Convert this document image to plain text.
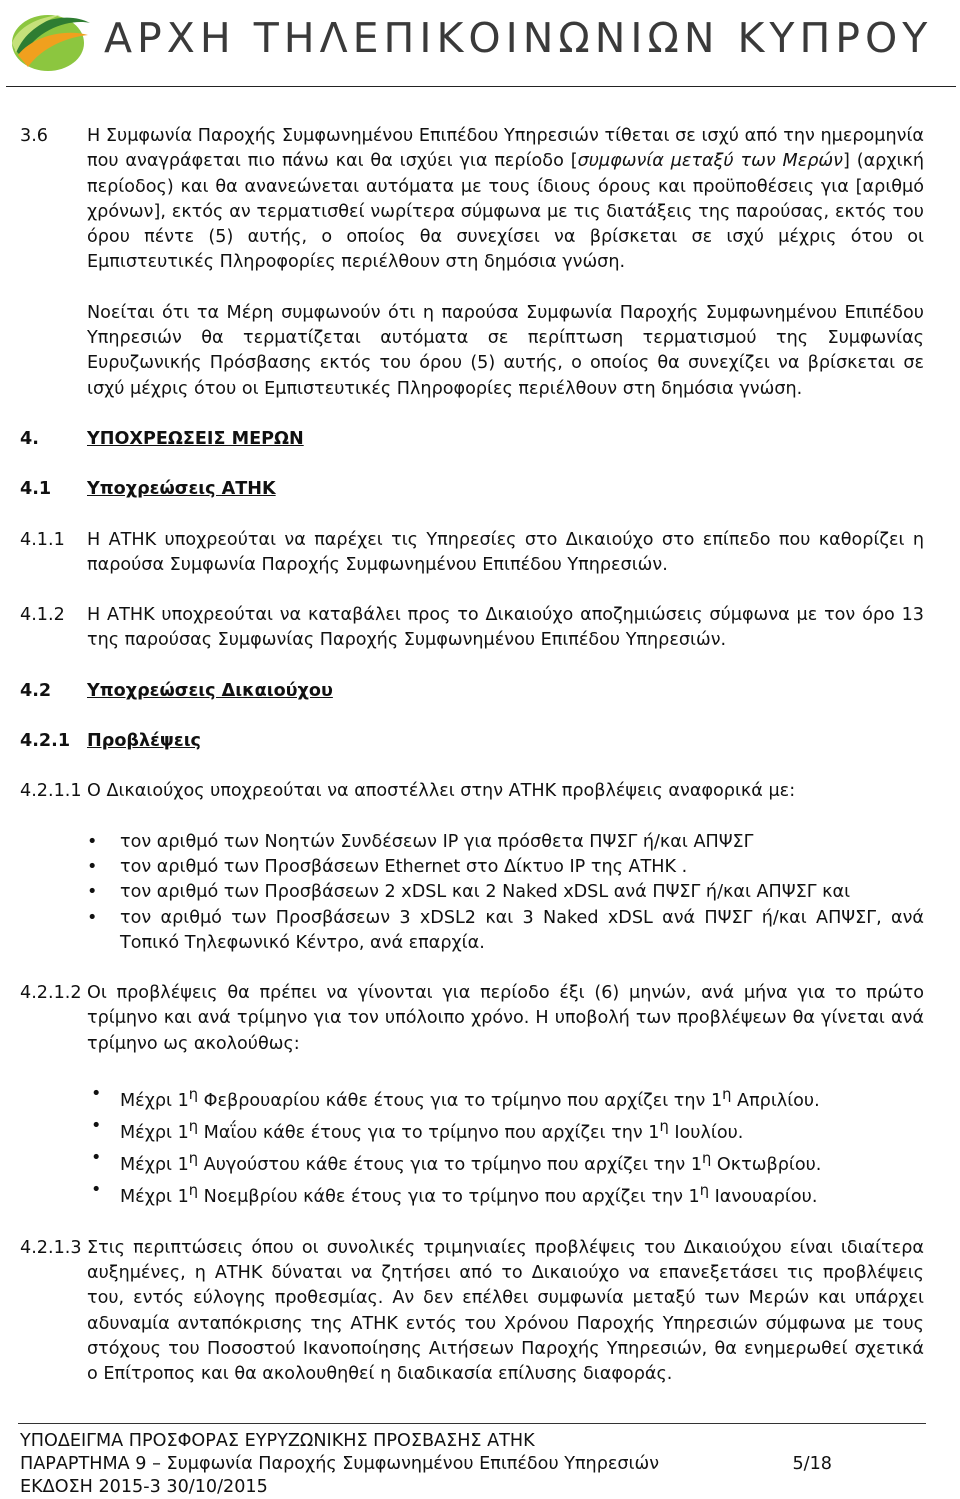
ΑΡΧΗ ΤΗΛΕΠΙΚΟΙΝΩΝΙΩΝ ΚΥΠΡΟΥ
3.6	Η Συμφωνία Παροχής Συμφωνημένου Επιπέδου Υπηρεσιών τίθεται σε ισχύ από την ημερομηνία που αναγράφεται πιο πάνω και θα ισχύει για περίοδο [συμφωνία μεταξύ των Μερών] (αρχική περίοδος) και θα ανανεώνεται αυτόματα με τους ίδιους όρους και προϋποθέσεις για [αριθμό χρόνων], εκτός αν τερματισθεί νωρίτερα σύμφωνα με τις διατάξεις της παρούσας, εκτός του όρου πέντε (5) αυτής, ο οποίος θα συνεχίσει να βρίσκεται σε ισχύ μέχρις ότου οι Εμπιστευτικές Πληροφορίες περιέλθουν στη δημόσια γνώση.
Νοείται ότι τα Μέρη συμφωνούν ότι η παρούσα Συμφωνία Παροχής Συμφωνημένου Επιπέδου Υπηρεσιών θα τερματίζεται αυτόματα σε περίπτωση τερματισμού της Συμφωνίας Ευρυζωνικής Πρόσβασης εκτός του όρου (5) αυτής, ο οποίος θα συνεχίζει να βρίσκεται σε ισχύ μέχρις ότου οι Εμπιστευτικές Πληροφορίες περιέλθουν στη δημόσια γνώση.
4.	ΥΠΟΧΡΕΩΣΕΙΣ ΜΕΡΩΝ
4.1	Υποχρεώσεις ΑΤΗΚ
4.1.1	Η ΑΤΗΚ υποχρεούται να παρέχει τις Υπηρεσίες στο Δικαιούχο στο επίπεδο που καθορίζει η παρούσα Συμφωνία Παροχής Συμφωνημένου Επιπέδου Υπηρεσιών.
4.1.2	Η ΑΤΗΚ υποχρεούται να καταβάλει προς το Δικαιούχο αποζημιώσεις σύμφωνα με τον όρο 13 της παρούσας Συμφωνίας Παροχής Συμφωνημένου Επιπέδου Υπηρεσιών.
4.2	Υποχρεώσεις Δικαιούχου
4.2.1 Προβλέψεις
4.2.1.1 Ο Δικαιούχος υποχρεούται να αποστέλλει στην ΑΤΗΚ προβλέψεις αναφορικά με:
• τον αριθμό των Νοητών Συνδέσεων IP για πρόσθετα ΠΨΣΓ ή/και ΑΠΨΣΓ
• τον αριθμό των Προσβάσεων Ethernet στο Δίκτυο IP της ΑΤΗΚ .
• τον αριθμό των Προσβάσεων 2 xDSL και 2 Naked xDSL ανά ΠΨΣΓ ή/και ΑΠΨΣΓ και
• τον αριθμό των Προσβάσεων 3 xDSL2 και 3 Naked xDSL ανά ΠΨΣΓ ή/και ΑΠΨΣΓ, ανά Τοπικό Τηλεφωνικό Κέντρο, ανά επαρχία.
4.2.1.2 Οι προβλέψεις θα πρέπει να γίνονται για περίοδο έξι (6) μηνών, ανά μήνα για το πρώτο τρίμηνο και ανά τρίμηνο για τον υπόλοιπο χρόνο. Η υποβολή των προβλέψεων θα γίνεται ανά τρίμηνο ως ακολούθως:
• Μέχρι $1^\eta$ Φεβρουαρίου κάθε έτους για το τρίμηνο που αρχίζει την $1^\eta$ Απριλίου.
• Μέχρι $1^\eta$ Μαΐου κάθε έτους για το τρίμηνο που αρχίζει την $1^\eta$ Ιουλίου.
• Μέχρι $1^\eta$ Αυγούστου κάθε έτους για το τρίμηνο που αρχίζει την $1^\eta$ Οκτωβρίου.
• Μέχρι $1^\eta$ Νοεμβρίου κάθε έτους για το τρίμηνο που αρχίζει την $1^\eta$ Ιανουαρίου.
4.2.1.3 Στις περιπτώσεις όπου οι συνολικές τριμηνιαίες προβλέψεις του Δικαιούχου είναι ιδιαίτερα αυξημένες, η ΑΤΗΚ δύναται να ζητήσει από το Δικαιούχο να επανεξετάσει τις προβλέψεις του, εντός εύλογης προθεσμίας. Αν δεν επέλθει συμφωνία μεταξύ των Μερών και υπάρχει αδυναμία ανταπόκρισης της ΑΤΗΚ εντός του Χρόνου Παροχής Υπηρεσιών σύμφωνα με τους στόχους του Ποσοστού Ικανοποίησης Αιτήσεων Παροχής Υπηρεσιών, θα ενημερωθεί σχετικά ο Επίτροπος και θα ακολουθηθεί η διαδικασία επίλυσης διαφοράς.
ΥΠΟΔΕΙΓΜΑ ΠΡΟΣΦΟΡΑΣ ΕΥΡΥΖΩΝΙΚΗΣ ΠΡΟΣΒΑΣΗΣ ΑΤΗΚ
ΠΑΡΑΡΤΗΜΑ 9 – Συμφωνία Παροχής Συμφωνημένου Επιπέδου Υπηρεσιών	5/18
ΕΚΔΟΣΗ 2015-3 30/10/2015
